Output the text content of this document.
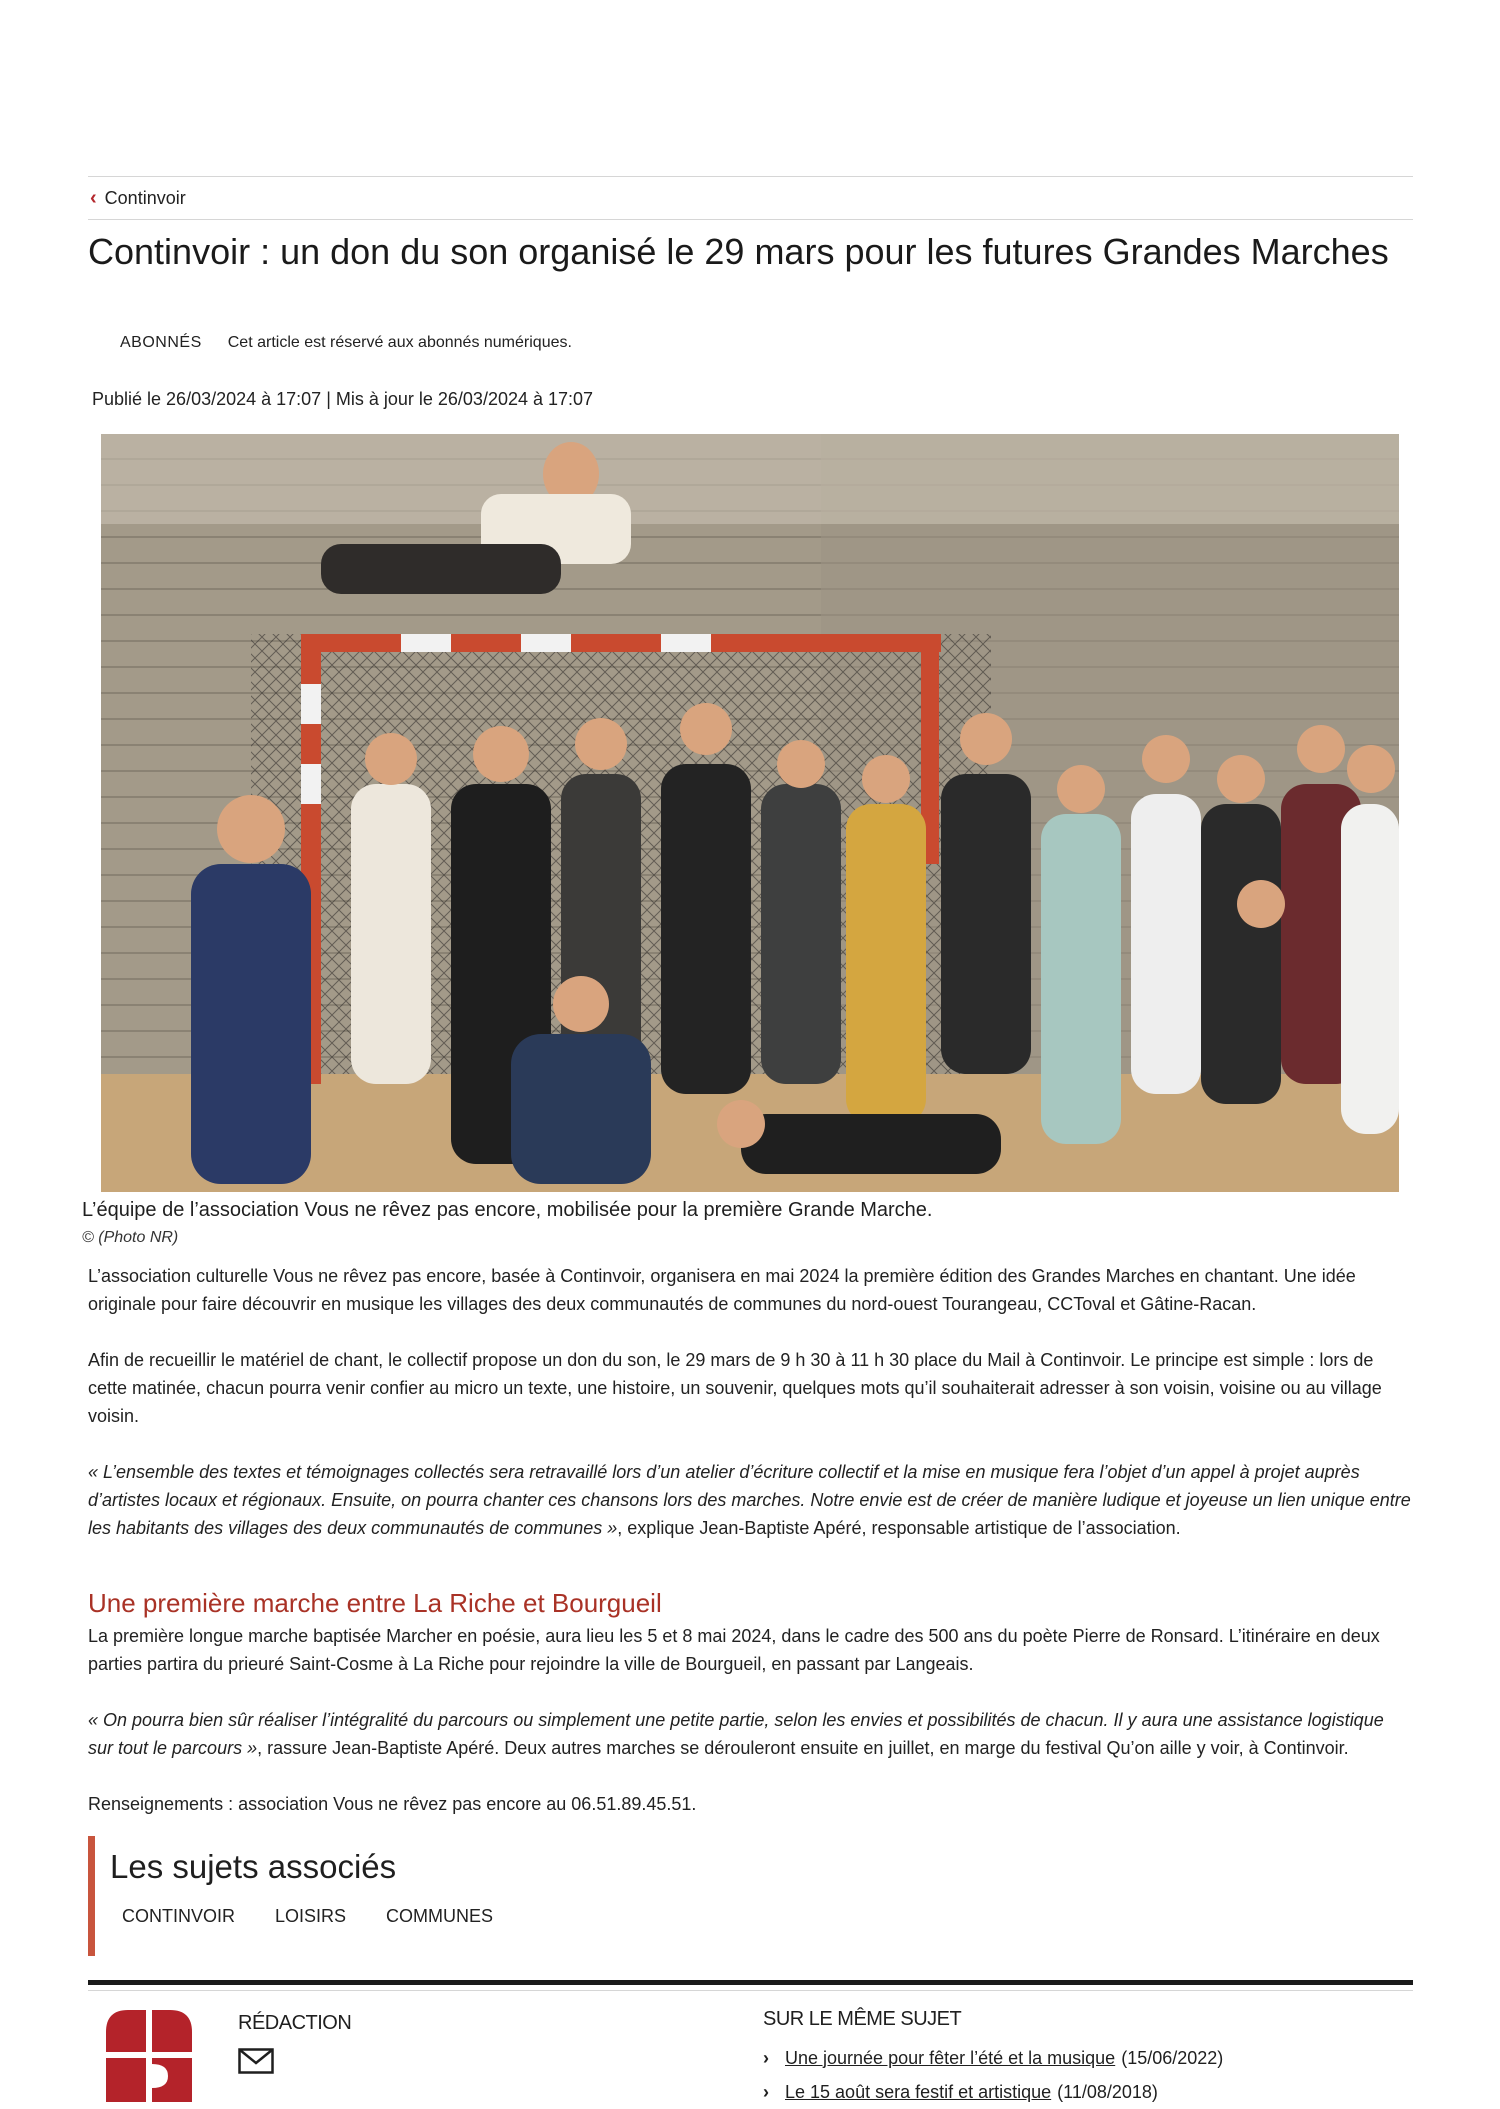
‹ Continvoir
Continvoir : un don du son organisé le 29 mars pour les futures Grandes Marches
ABONNÉS Cet article est réservé aux abonnés numériques.
Publié le 26/03/2024 à 17:07 | Mis à jour le 26/03/2024 à 17:07
L’équipe de l’association Vous ne rêvez pas encore, mobilisée pour la première Grande Marche.
© (Photo NR)

L’association culturelle Vous ne rêvez pas encore, basée à Continvoir, organisera en mai 2024 la première édition des Grandes Marches en chantant. Une idée originale pour faire découvrir en musique les villages des deux communautés de communes du nord-ouest Tourangeau, CCToval et Gâtine-Racan.

Afin de recueillir le matériel de chant, le collectif propose un don du son, le 29 mars de 9 h 30 à 11 h 30 place du Mail à Continvoir. Le principe est simple : lors de cette matinée, chacun pourra venir confier au micro un texte, une histoire, un souvenir, quelques mots qu’il souhaiterait adresser à son voisin, voisine ou au village voisin.

« L’ensemble des textes et témoignages collectés sera retravaillé lors d’un atelier d’écriture collectif et la mise en musique fera l’objet d’un appel à projet auprès d’artistes locaux et régionaux. Ensuite, on pourra chanter ces chansons lors des marches. Notre envie est de créer de manière ludique et joyeuse un lien unique entre les habitants des villages des deux communautés de communes », explique Jean-Baptiste Apéré, responsable artistique de l’association.

Une première marche entre La Riche et Bourgueil

La première longue marche baptisée Marcher en poésie, aura lieu les 5 et 8 mai 2024, dans le cadre des 500 ans du poète Pierre de Ronsard. L’itinéraire en deux parties partira du prieuré Saint-Cosme à La Riche pour rejoindre la ville de Bourgueil, en passant par Langeais.

« On pourra bien sûr réaliser l’intégralité du parcours ou simplement une petite partie, selon les envies et possibilités de chacun. Il y aura une assistance logistique sur tout le parcours », rassure Jean-Baptiste Apéré. Deux autres marches se dérouleront ensuite en juillet, en marge du festival Qu’on aille y voir, à Continvoir.

Renseignements : association Vous ne rêvez pas encore au 06.51.89.45.51.

Les sujets associés
CONTINVOIR LOISIRS COMMUNES
RÉDACTION	SUR LE MÊME SUJET
› Une journée pour fêter l’été et la musique (15/06/2022)
› Le 15 août sera festif et artistique (11/08/2018)
